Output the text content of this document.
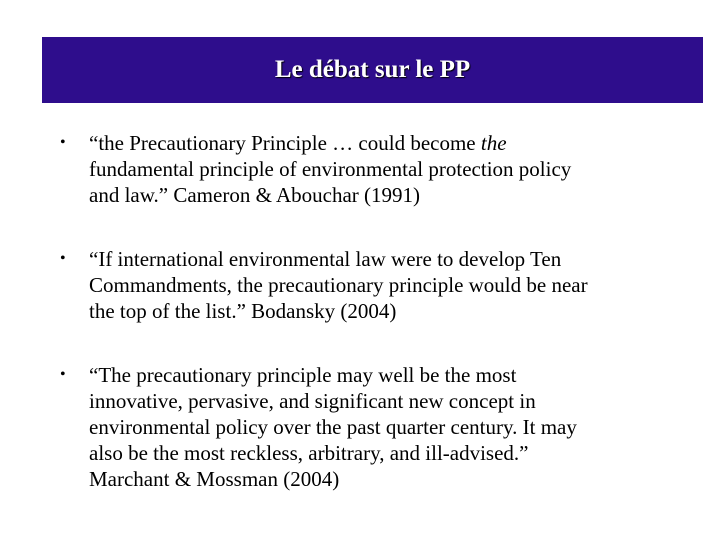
Le débat sur le PP
• “the Precautionary Principle … could become the
fundamental principle of environmental protection policy
and law.” Cameron & Abouchar (1991)
• “If international environmental law were to develop Ten
Commandments, the precautionary principle would be near
the top of the list.” Bodansky (2004)
• “The precautionary principle may well be the most
innovative, pervasive, and significant new concept in
environmental policy over the past quarter century. It may
also be the most reckless, arbitrary, and ill-advised.”
Marchant & Mossman (2004)
